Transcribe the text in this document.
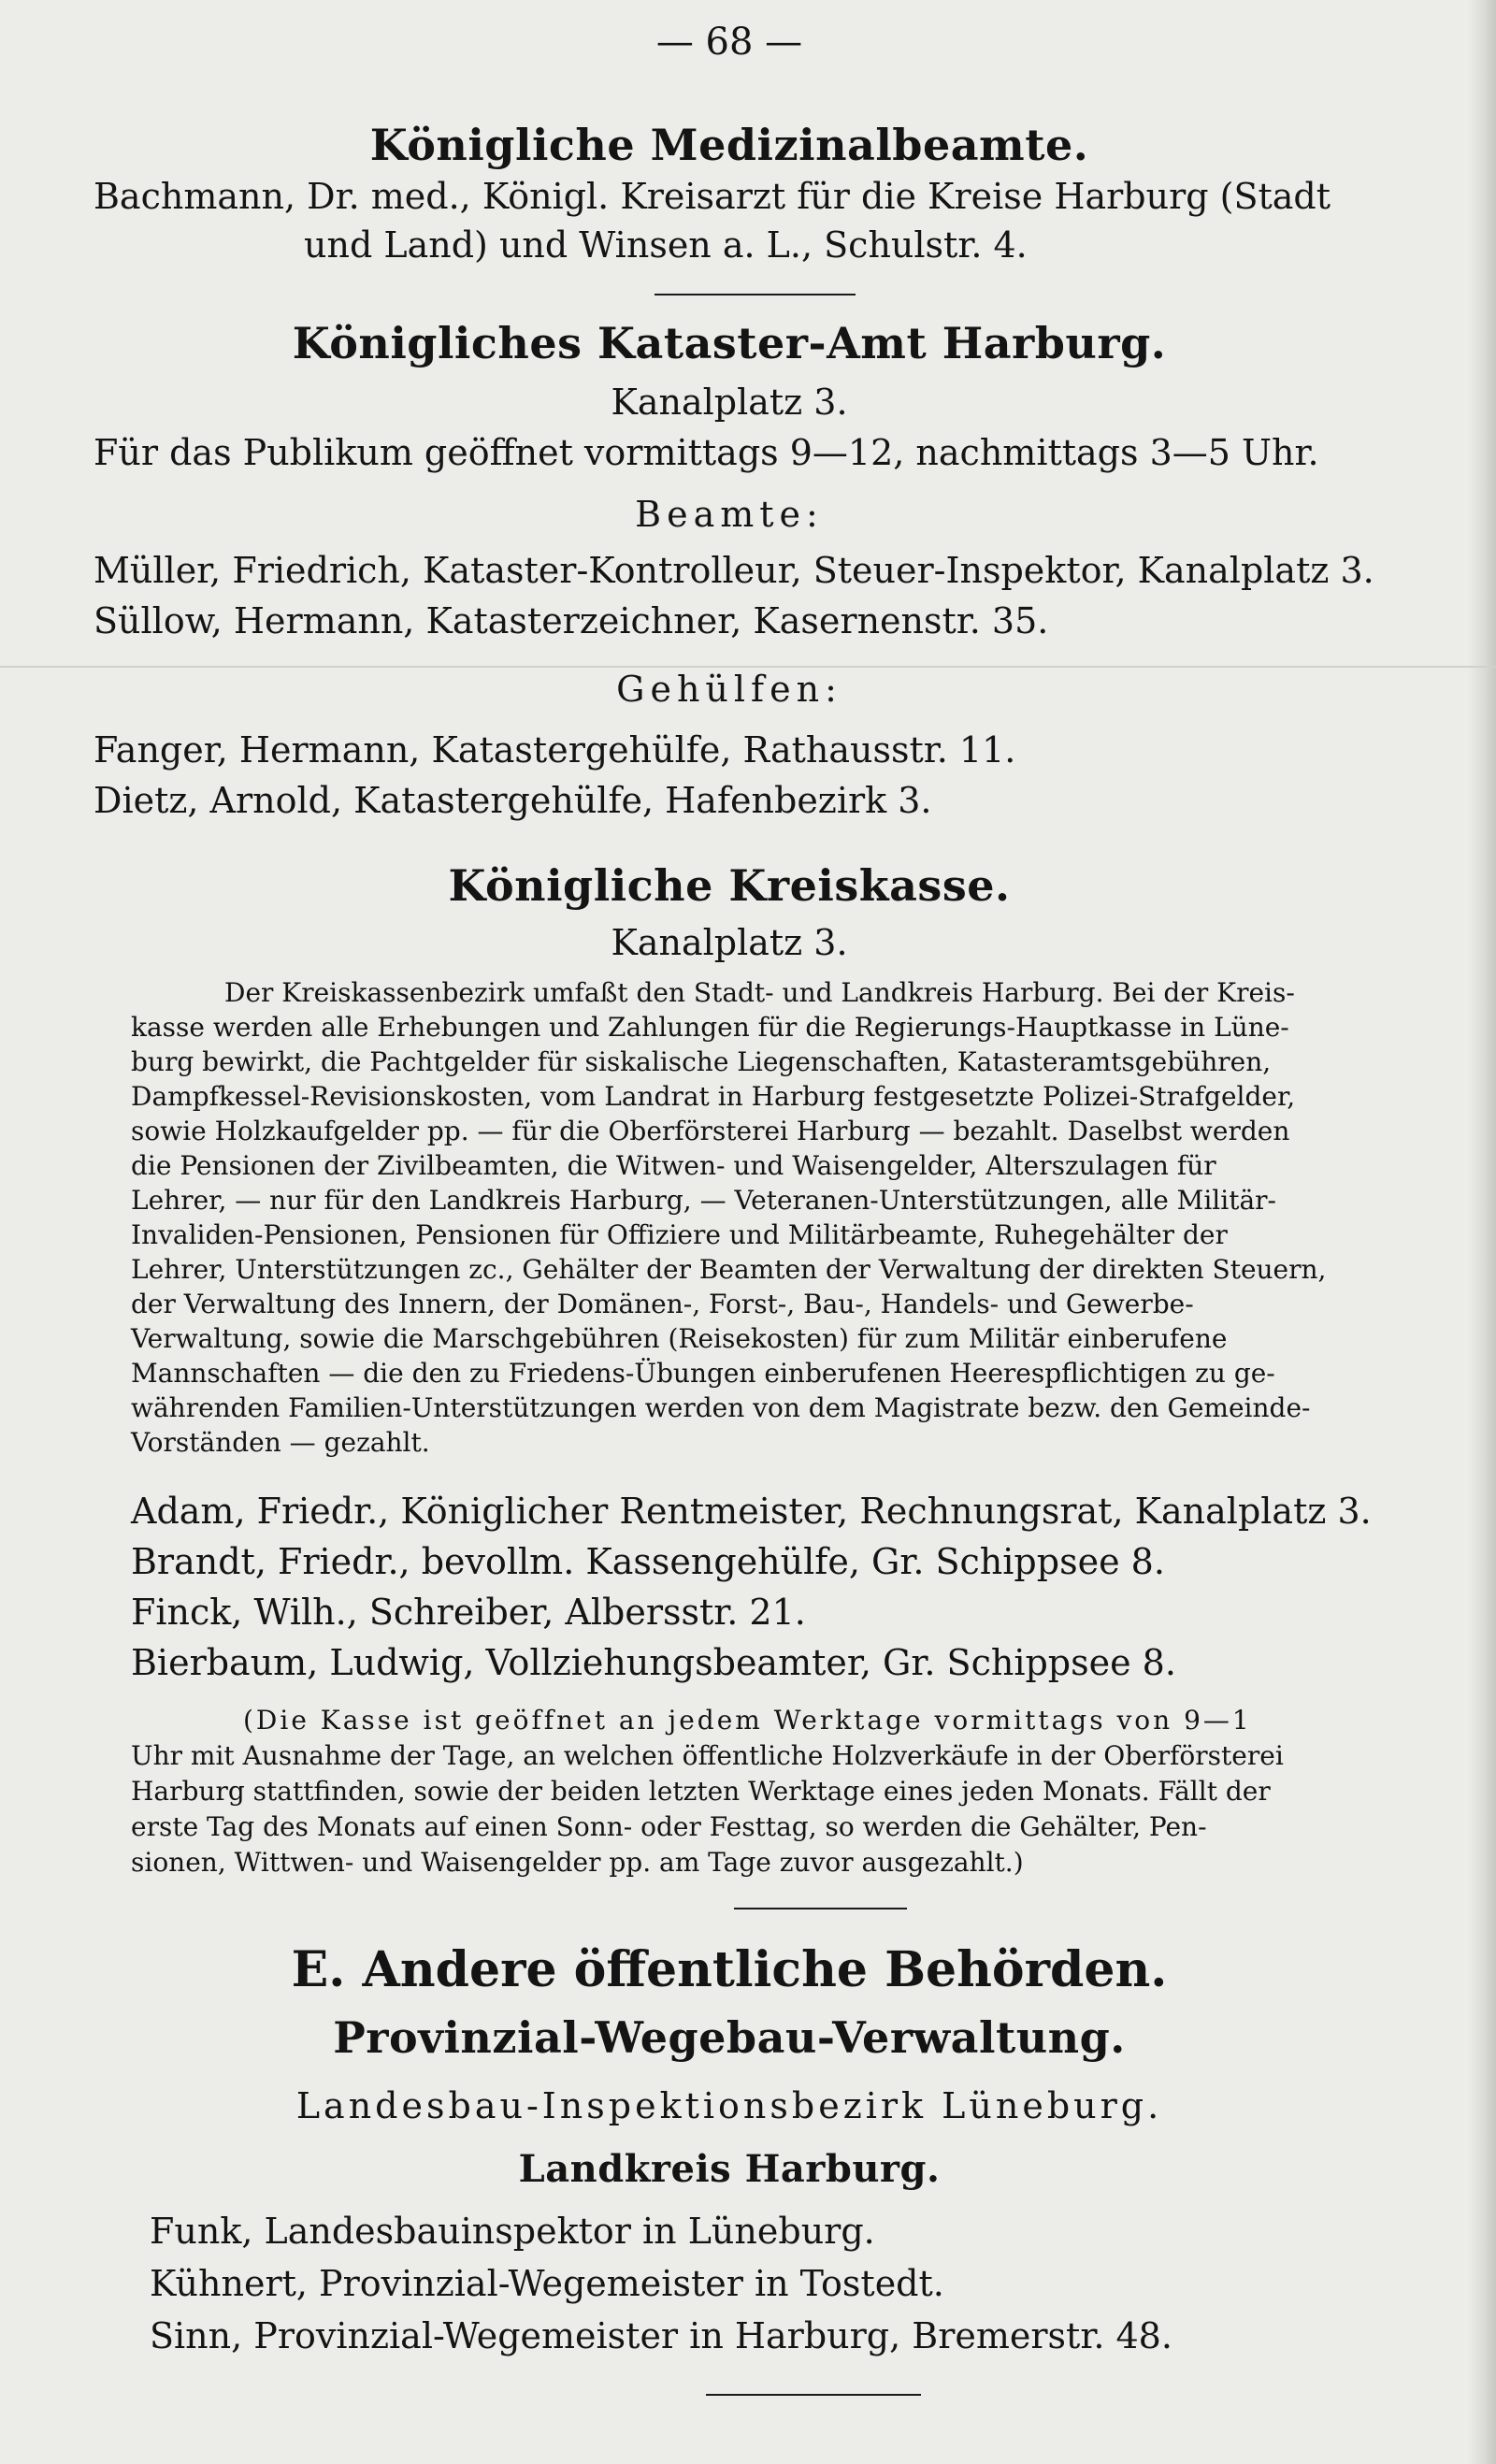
— 68 —
Königliche Medizinalbeamte.
Bachmann, Dr. med., Königl. Kreisarzt für die Kreise Harburg (Stadt
und Land) und Winsen a. L., Schulstr. 4.
Königliches Kataster-Amt Harburg.
Kanalplatz 3.
Für das Publikum geöffnet vormittags 9—12, nachmittags 3—5 Uhr.
Beamte:
Müller, Friedrich, Kataster-Kontrolleur, Steuer-Inspektor, Kanalplatz 3.
Süllow, Hermann, Katasterzeichner, Kasernenstr. 35.
Gehülfen:
Fanger, Hermann, Katastergehülfe, Rathausstr. 11.
Dietz, Arnold, Katastergehülfe, Hafenbezirk 3.
Königliche Kreiskasse.
Kanalplatz 3.
Der Kreiskassenbezirk umfaßt den Stadt- und Landkreis Harburg. Bei der Kreis-
kasse werden alle Erhebungen und Zahlungen für die Regierungs-Hauptkasse in Lüne-
burg bewirkt, die Pachtgelder für siskalische Liegenschaften, Katasteramtsgebühren,
Dampfkessel-Revisionskosten, vom Landrat in Harburg festgesetzte Polizei-Strafgelder,
sowie Holzkaufgelder pp. — für die Oberförsterei Harburg — bezahlt. Daselbst werden
die Pensionen der Zivilbeamten, die Witwen- und Waisengelder, Alterszulagen für
Lehrer, — nur für den Landkreis Harburg, — Veteranen-Unterstützungen, alle Militär-
Invaliden-Pensionen, Pensionen für Offiziere und Militärbeamte, Ruhegehälter der
Lehrer, Unterstützungen zc., Gehälter der Beamten der Verwaltung der direkten Steuern,
der Verwaltung des Innern, der Domänen-, Forst-, Bau-, Handels- und Gewerbe-
Verwaltung, sowie die Marschgebühren (Reisekosten) für zum Militär einberufene
Mannschaften — die den zu Friedens-Übungen einberufenen Heerespflichtigen zu ge-
währenden Familien-Unterstützungen werden von dem Magistrate bezw. den Gemeinde-
Vorständen — gezahlt.
Adam, Friedr., Königlicher Rentmeister, Rechnungsrat, Kanalplatz 3.
Brandt, Friedr., bevollm. Kassengehülfe, Gr. Schippsee 8.
Finck, Wilh., Schreiber, Albersstr. 21.
Bierbaum, Ludwig, Vollziehungsbeamter, Gr. Schippsee 8.
(Die Kasse ist geöffnet an jedem Werktage vormittags von 9—1
Uhr mit Ausnahme der Tage, an welchen öffentliche Holzverkäufe in der Oberförsterei
Harburg stattfinden, sowie der beiden letzten Werktage eines jeden Monats. Fällt der
erste Tag des Monats auf einen Sonn- oder Festtag, so werden die Gehälter, Pen-
sionen, Wittwen- und Waisengelder pp. am Tage zuvor ausgezahlt.)
E. Andere öffentliche Behörden.
Provinzial-Wegebau-Verwaltung.
Landesbau-Inspektionsbezirk Lüneburg.
Landkreis Harburg.
Funk, Landesbauinspektor in Lüneburg.
Kühnert, Provinzial-Wegemeister in Tostedt.
Sinn, Provinzial-Wegemeister in Harburg, Bremerstr. 48.
